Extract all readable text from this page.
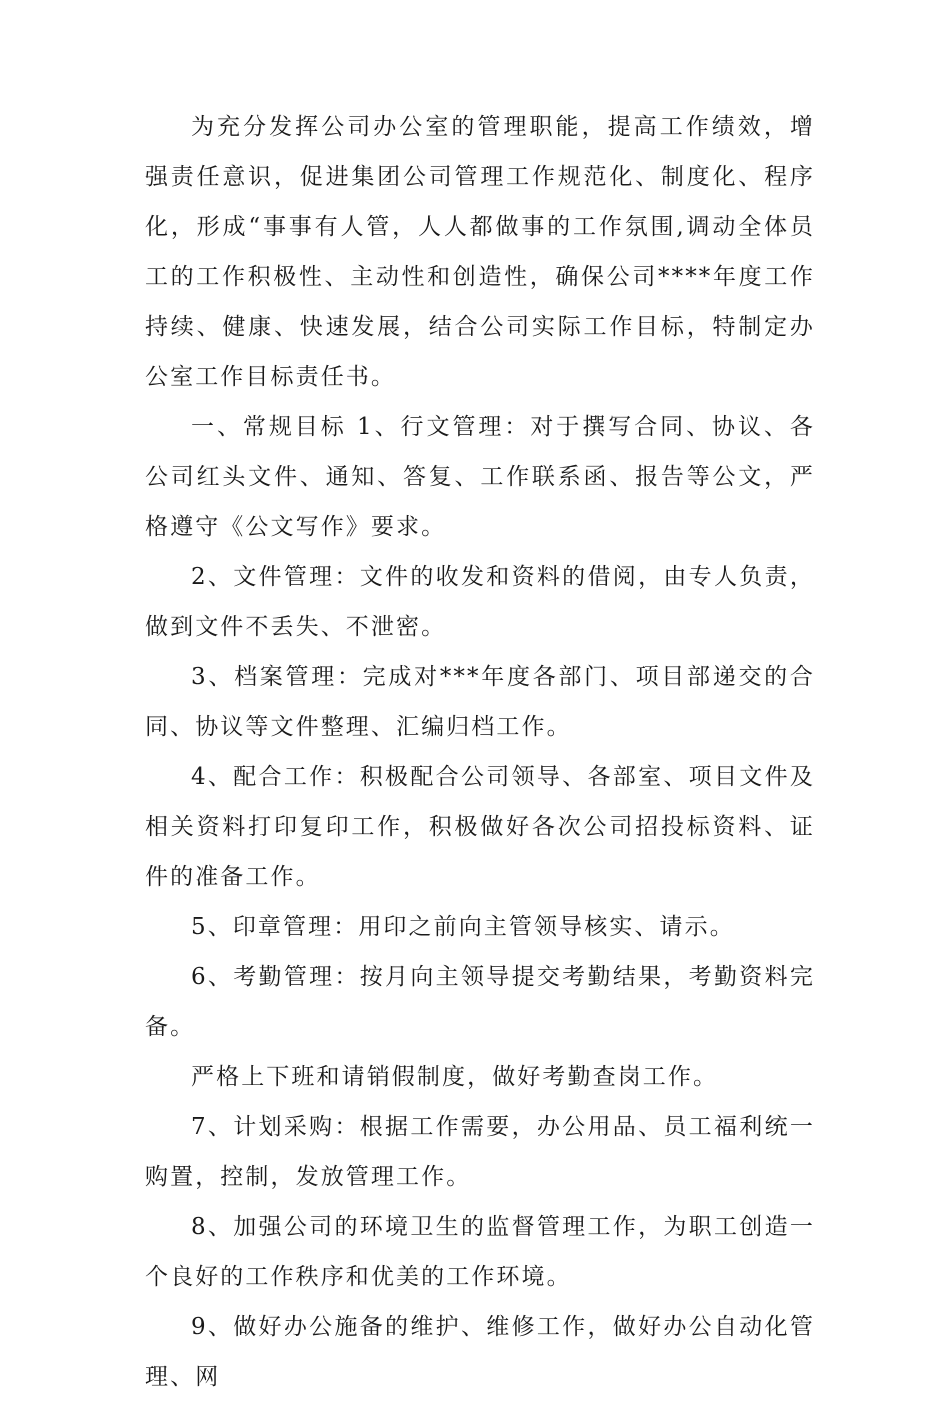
为充分发挥公司办公室的管理职能，提高工作绩效，增强责任意识，促进集团公司管理工作规范化、制度化、程序化，形成“事事有人管，人人都做事的工作氛围,调动全体员工的工作积极性、主动性和创造性，确保公司****年度工作持续、健康、快速发展，结合公司实际工作目标，特制定办公室工作目标责任书。

一、常规目标 1、行文管理：对于撰写合同、协议、各公司红头文件、通知、答复、工作联系函、报告等公文，严格遵守《公文写作》要求。

2、文件管理：文件的收发和资料的借阅，由专人负责，做到文件不丢失、不泄密。

3、档案管理：完成对***年度各部门、项目部递交的合同、协议等文件整理、汇编归档工作。

4、配合工作：积极配合公司领导、各部室、项目文件及相关资料打印复印工作，积极做好各次公司招投标资料、证件的准备工作。

5、印章管理：用印之前向主管领导核实、请示。

6、考勤管理：按月向主领导提交考勤结果，考勤资料完备。

严格上下班和请销假制度，做好考勤查岗工作。

7、计划采购：根据工作需要，办公用品、员工福利统一购置，控制，发放管理工作。

8、加强公司的环境卫生的监督管理工作，为职工创造一个良好的工作秩序和优美的工作环境。

9、做好办公施备的维护、维修工作，做好办公自动化管理、网
